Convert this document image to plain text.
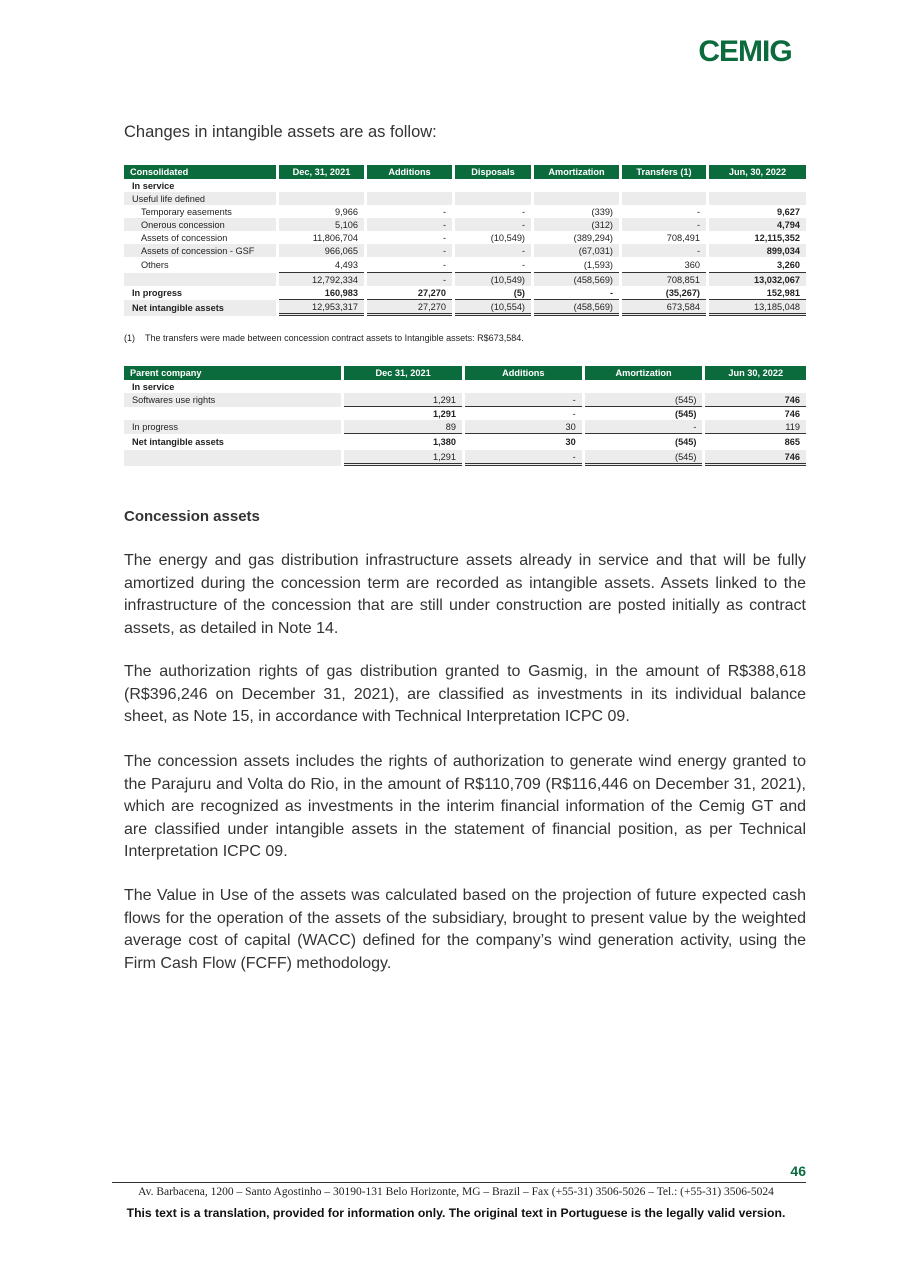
CEMIG
Changes in intangible assets are as follow:
Consolidated	Dec, 31, 2021	Additions	Disposals	Amortization	Transfers (1)	Jun, 30, 2022
In service						
Useful life defined						
Temporary easements	9,966	-	-	(339)	-	9,627
Onerous concession	5,106	-	-	(312)	-	4,794
Assets of concession	11,806,704	-	(10,549)	(389,294)	708,491	12,115,352
Assets of concession - GSF	966,065	-	-	(67,031)	-	899,034
Others	4,493	-	-	(1,593)	360	3,260
	12,792,334	-	(10,549)	(458,569)	708,851	13,032,067
In progress	160,983	27,270	(5)	-	(35,267)	152,981
Net intangible assets	12,953,317	27,270	(10,554)	(458,569)	673,584	13,185,048
(1) The transfers were made between concession contract assets to Intangible assets: R$673,584.
Parent company	Dec 31, 2021	Additions	Amortization	Jun 30, 2022
In service				
Softwares use rights	1,291	-	(545)	746
	1,291	-	(545)	746
In progress	89	30	-	119
Net intangible assets	1,380	30	(545)	865
	1,291	-	(545)	746
Concession assets

The energy and gas distribution infrastructure assets already in service and that will be fully amortized during the concession term are recorded as intangible assets. Assets linked to the infrastructure of the concession that are still under construction are posted initially as contract assets, as detailed in Note 14.

The authorization rights of gas distribution granted to Gasmig, in the amount of R$388,618 (R$396,246 on December 31, 2021), are classified as investments in its individual balance sheet, as Note 15, in accordance with Technical Interpretation ICPC 09.

The concession assets includes the rights of authorization to generate wind energy granted to the Parajuru and Volta do Rio, in the amount of R$110,709 (R$116,446 on December 31, 2021), which are recognized as investments in the interim financial information of the Cemig GT and are classified under intangible assets in the statement of financial position, as per Technical Interpretation ICPC 09.

The Value in Use of the assets was calculated based on the projection of future expected cash flows for the operation of the assets of the subsidiary, brought to present value by the weighted average cost of capital (WACC) defined for the company’s wind generation activity, using the Firm Cash Flow (FCFF) methodology.

46
Av. Barbacena, 1200 – Santo Agostinho – 30190-131 Belo Horizonte, MG – Brazil – Fax (+55-31) 3506-5026 – Tel.: (+55-31) 3506-5024
This text is a translation, provided for information only. The original text in Portuguese is the legally valid version.
